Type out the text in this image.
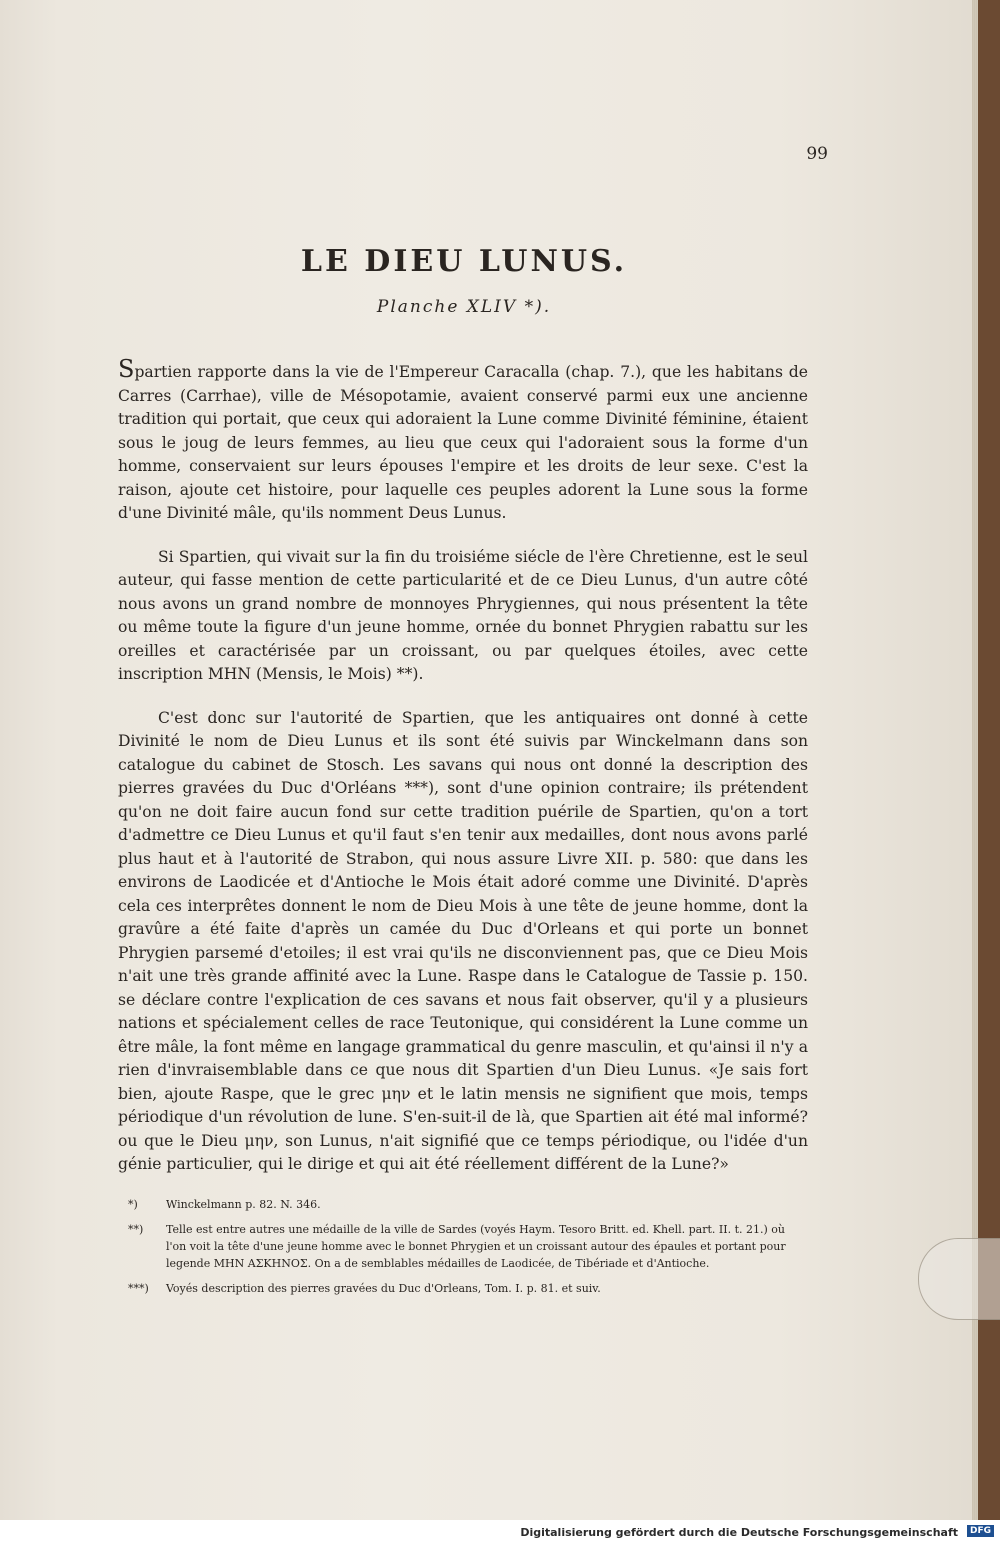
99
LE DIEU LUNUS.
Planche XLIV *).

Spartien rapporte dans la vie de l'Empereur Caracalla (chap. 7.), que les habitans de Carres (Carrhae), ville de Mésopotamie, avaient conservé parmi eux une ancienne tradition qui portait, que ceux qui adoraient la Lune comme Divinité féminine, étaient sous le joug de leurs femmes, au lieu que ceux qui l'adoraient sous la forme d'un homme, conservaient sur leurs épouses l'empire et les droits de leur sexe. C'est la raison, ajoute cet histoire, pour laquelle ces peuples adorent la Lune sous la forme d'une Divinité mâle, qu'ils nomment Deus Lunus.

Si Spartien, qui vivait sur la fin du troisiéme siécle de l'ère Chretienne, est le seul auteur, qui fasse mention de cette particularité et de ce Dieu Lunus, d'un autre côté nous avons un grand nombre de monnoyes Phrygiennes, qui nous présentent la tête ou même toute la figure d'un jeune homme, ornée du bonnet Phrygien rabattu sur les oreilles et caractérisée par un croissant, ou par quelques étoiles, avec cette inscription MHN (Mensis, le Mois) **).

C'est donc sur l'autorité de Spartien, que les antiquaires ont donné à cette Divinité le nom de Dieu Lunus et ils sont été suivis par Winckelmann dans son catalogue du cabinet de Stosch. Les savans qui nous ont donné la description des pierres gravées du Duc d'Orléans ***), sont d'une opinion contraire; ils prétendent qu'on ne doit faire aucun fond sur cette tradition puérile de Spartien, qu'on a tort d'admettre ce Dieu Lunus et qu'il faut s'en tenir aux medailles, dont nous avons parlé plus haut et à l'autorité de Strabon, qui nous assure Livre XII. p. 580: que dans les environs de Laodicée et d'Antioche le Mois était adoré comme une Divinité. D'après cela ces interprêtes donnent le nom de Dieu Mois à une tête de jeune homme, dont la gravûre a été faite d'après un camée du Duc d'Orleans et qui porte un bonnet Phrygien parsemé d'etoiles; il est vrai qu'ils ne disconviennent pas, que ce Dieu Mois n'ait une très grande affinité avec la Lune. Raspe dans le Catalogue de Tassie p. 150. se déclare contre l'explication de ces savans et nous fait observer, qu'il y a plusieurs nations et spécialement celles de race Teutonique, qui considérent la Lune comme un être mâle, la font même en langage grammatical du genre masculin, et qu'ainsi il n'y a rien d'invraisemblable dans ce que nous dit Spartien d'un Dieu Lunus. «Je sais fort bien, ajoute Raspe, que le grec μην et le latin mensis ne signifient que mois, temps périodique d'un révolution de lune. S'en-suit-il de là, que Spartien ait été mal informé? ou que le Dieu μην, son Lunus, n'ait signifié que ce temps périodique, ou l'idée d'un génie particulier, qui le dirige et qui ait été réellement différent de la Lune?»

*)	Winckelmann p. 82. N. 346.
**) Telle est entre autres une médaille de la ville de Sardes (voyés Haym. Tesoro Britt. ed. Khell. part. II. t. 21.) où l'on voit la tête d'une jeune homme avec le bonnet Phrygien et un croissant autour des épaules et portant pour legende MHN ΑΣΚΗΝΟΣ. On a de semblables médailles de Laodicée, de Tibériade et d'Antioche.
***) Voyés description des pierres gravées du Duc d'Orleans, Tom. I. p. 81. et suiv.
Digitalisierung gefördert durch die Deutsche Forschungsgemeinschaft	DFG
